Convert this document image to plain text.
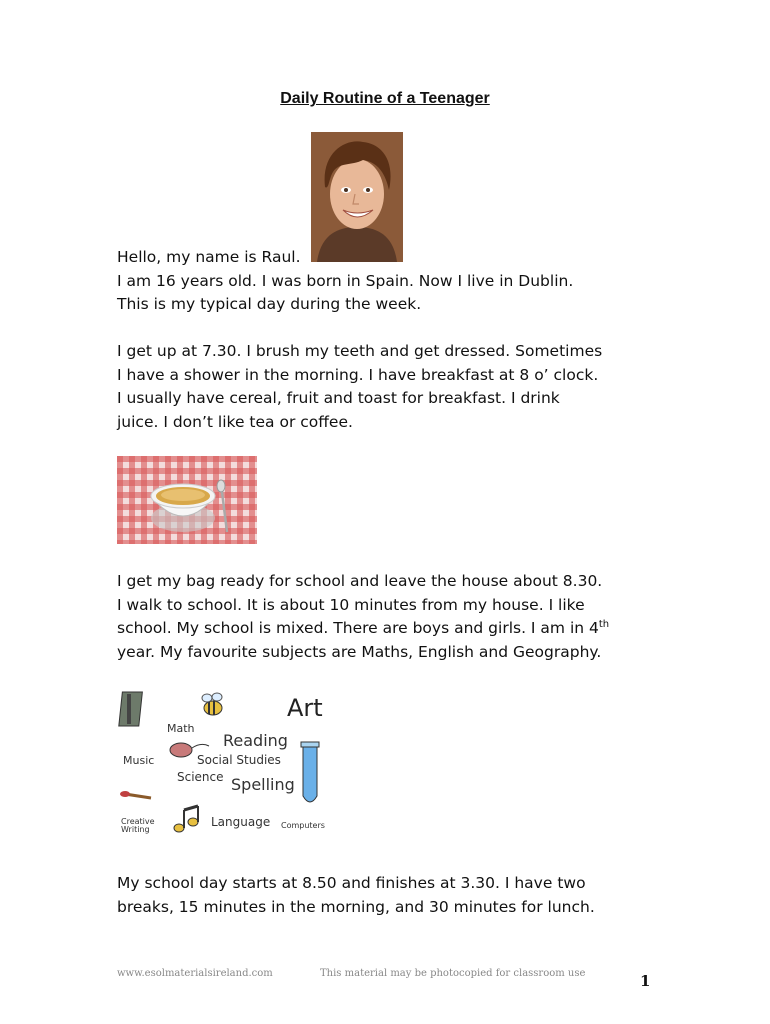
Daily Routine of a Teenager
Hello, my name is Raul.
I am 16 years old. I was born in Spain. Now I live in Dublin.
This is my typical day during the week.
I get up at 7.30. I brush my teeth and get dressed. Sometimes
I have a shower in the morning. I have breakfast at 8 o’ clock.
I usually have cereal, fruit and toast for breakfast. I drink
juice. I don’t like tea or coffee.
I get my bag ready for school and leave the house about 8.30.
I walk to school. It is about 10 minutes from my house. I like
school. My school is mixed. There are boys and girls. I am in 4th
year. My favourite subjects are Maths, English and Geography.
Art
Math
Reading
Music	Social Studies
Science Spelling
Creative
Writing
Language Computers
My school day starts at 8.50 and finishes at 3.30. I have two
breaks, 15 minutes in the morning, and 30 minutes for lunch.
www.esolmaterialsireland.com	This material may be photocopied for classroom use	1
